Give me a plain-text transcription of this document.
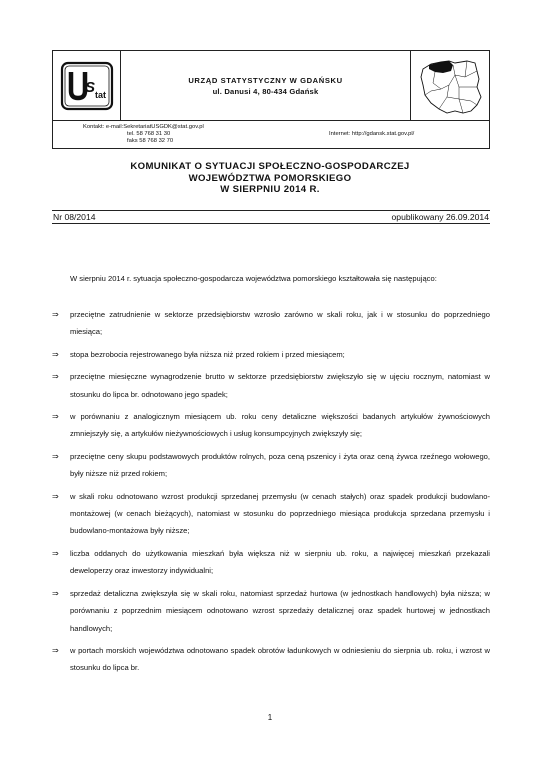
S tat
URZĄD STATYSTYCZNY W GDAŃSKU
ul. Danusi 4, 80-434 Gdańsk
Kontakt: e-mail:SekretariatUSGDK@stat.gov.pl
tel. 58 768 31 30
faks 58 768 32 70
Internet: http://gdansk.stat.gov.pl/
KOMUNIKAT O SYTUACJI SPOŁECZNO-GOSPODARCZEJ
WOJEWÓDZTWA POMORSKIEGO
W SIERPNIU 2014 R.
Nr 08/2014	opublikowany 26.09.2014

W sierpniu 2014 r. sytuacja społeczno-gospodarcza województwa pomorskiego kształtowała się następująco:

⇒	przeciętne zatrudnienie w sektorze przedsiębiorstw wzrosło zarówno w skali roku, jak i w stosunku do poprzedniego miesiąca;
⇒	stopa bezrobocia rejestrowanego była niższa niż przed rokiem i przed miesiącem;
⇒	przeciętne miesięczne wynagrodzenie brutto w sektorze przedsiębiorstw zwiększyło się w ujęciu rocznym, natomiast w stosunku do lipca br. odnotowano jego spadek;
⇒	w porównaniu z analogicznym miesiącem ub. roku ceny detaliczne większości badanych artykułów żywnościowych zmniejszyły się, a artykułów nieżywnościowych i usług konsumpcyjnych zwiększyły się;
⇒	przeciętne ceny skupu podstawowych produktów rolnych, poza ceną pszenicy i żyta oraz ceną żywca rzeźnego wołowego, były niższe niż przed rokiem;
⇒	w skali roku odnotowano wzrost produkcji sprzedanej przemysłu (w cenach stałych) oraz spadek produkcji budowlano-montażowej (w cenach bieżących), natomiast w stosunku do poprzedniego miesiąca produkcja sprzedana przemysłu i budowlano-montażowa były niższe;
⇒	liczba oddanych do użytkowania mieszkań była większa niż w sierpniu ub. roku, a najwięcej mieszkań przekazali deweloperzy oraz inwestorzy indywidualni;
⇒	sprzedaż detaliczna zwiększyła się w skali roku, natomiast sprzedaż hurtowa (w jednostkach handlowych) była niższa; w porównaniu z poprzednim miesiącem odnotowano wzrost sprzedaży detalicznej oraz spadek hurtowej w jednostkach handlowych;
⇒	w portach morskich województwa odnotowano spadek obrotów ładunkowych w odniesieniu do sierpnia ub. roku, i wzrost w stosunku do lipca br.
1
